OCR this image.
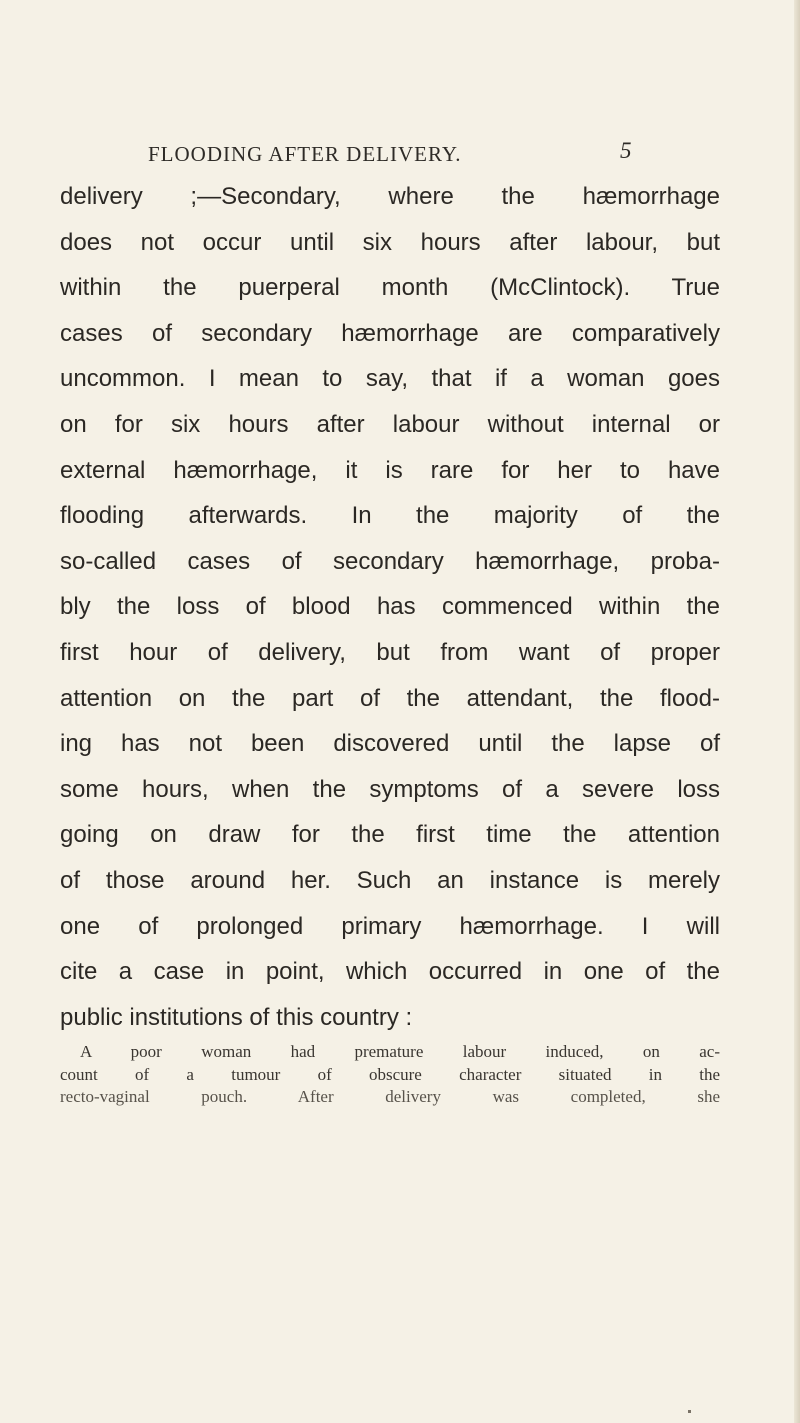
FLOODING AFTER DELIVERY.	5
delivery ;—Secondary, where the hæmorrhage
does not occur until six hours after labour, but
within the puerperal month (McClintock). True
cases of secondary hæmorrhage are comparatively
uncommon. I mean to say, that if a woman goes
on for six hours after labour without internal or
external hæmorrhage, it is rare for her to have
flooding afterwards. In the majority of the
so-called cases of secondary hæmorrhage, proba-
bly the loss of blood has commenced within the
first hour of delivery, but from want of proper
attention on the part of the attendant, the flood-
ing has not been discovered until the lapse of
some hours, when the symptoms of a severe loss
going on draw for the first time the attention
of those around her. Such an instance is merely
one of prolonged primary hæmorrhage. I will
cite a case in point, which occurred in one of the
public institutions of this country :
A poor woman had premature labour induced, on ac-
count of a tumour of obscure character situated in the
recto-vaginal pouch. After delivery was completed, she
